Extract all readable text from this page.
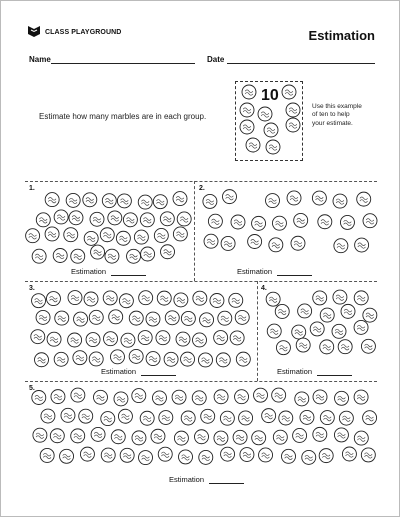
CLASS PLAYGROUND	Estimation
Name	Date
Estimate how many marbles are in each group.
10
Use this example
of ten to help
your estimate.
1.	2.
3.	4.
5.
Estimation	Estimation
Estimation	Estimation
Estimation
